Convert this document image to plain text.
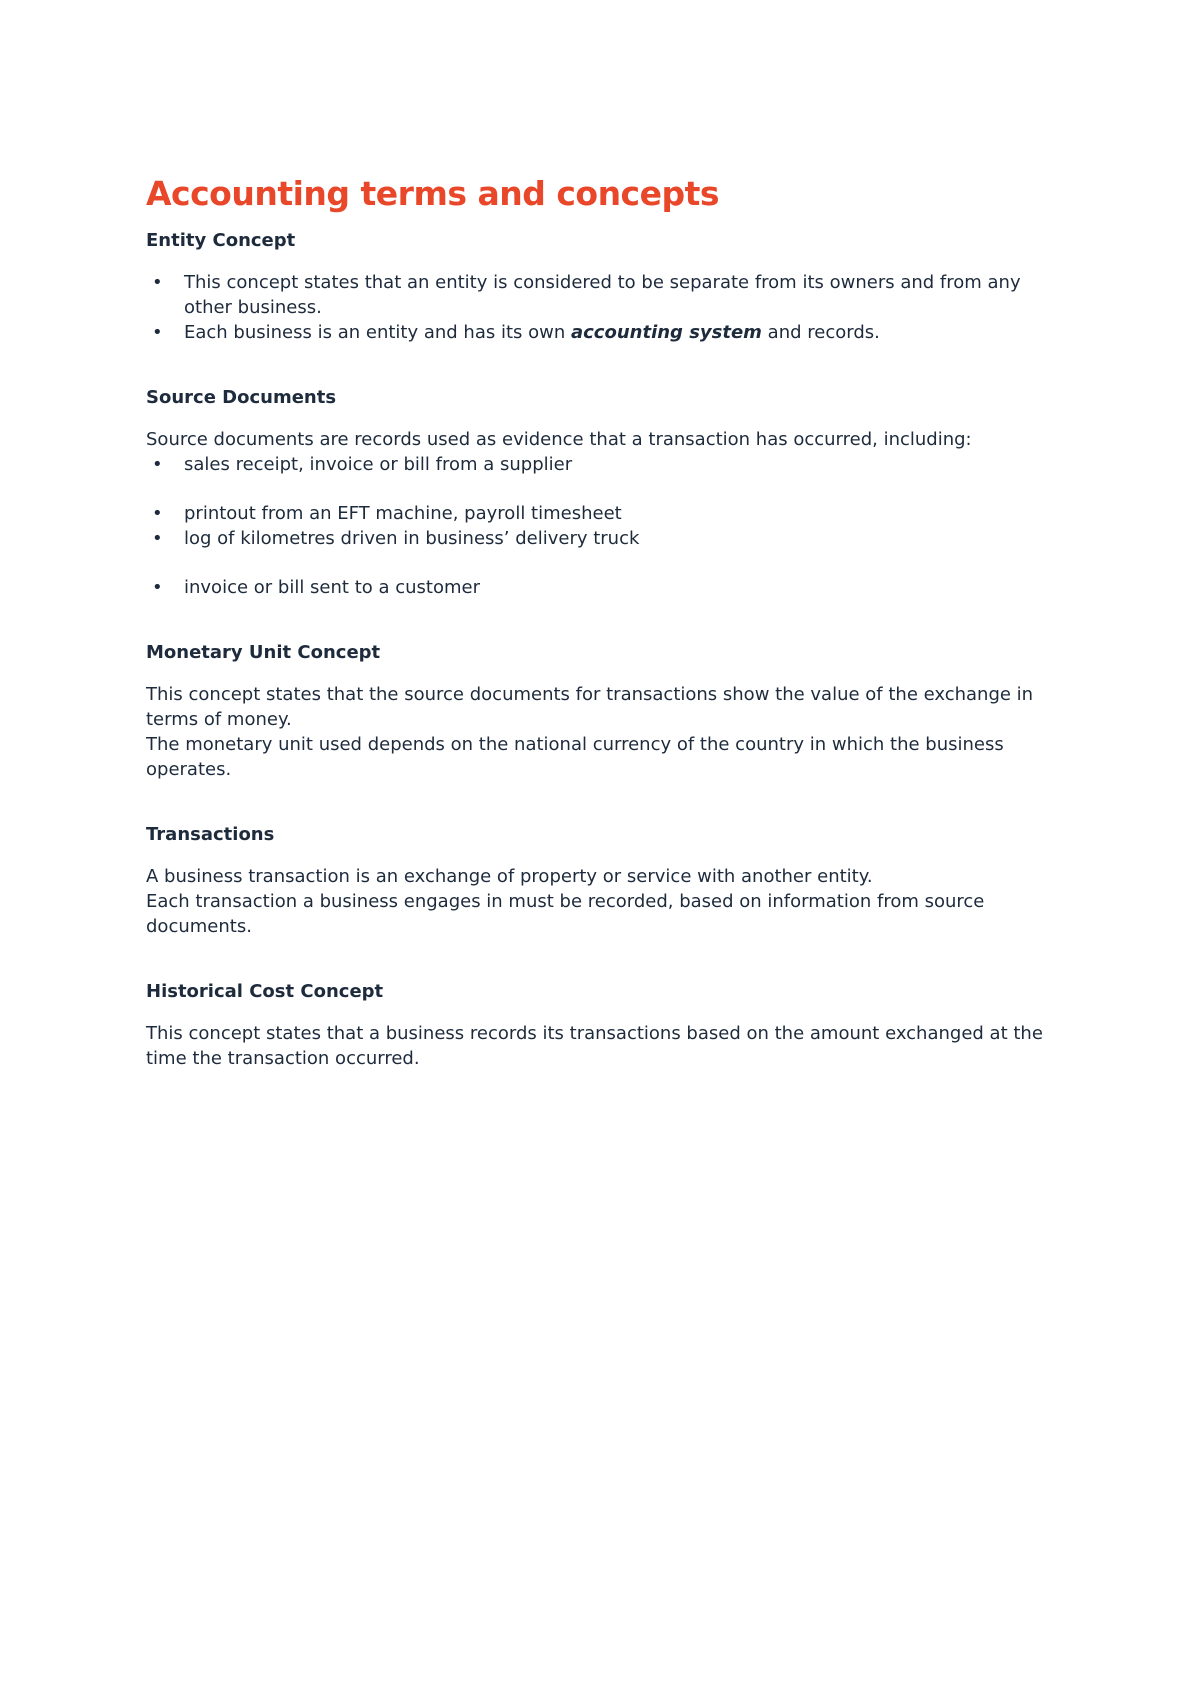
Accounting terms and concepts

Entity Concept

• This concept states that an entity is considered to be separate from its owners and from any other business.
• Each business is an entity and has its own accounting system and records.

Source Documents

Source documents are records used as evidence that a transaction has occurred, including:

• sales receipt, invoice or bill from a supplier
• printout from an EFT machine, payroll timesheet
• log of kilometres driven in business’ delivery truck
• invoice or bill sent to a customer

Monetary Unit Concept

This concept states that the source documents for transactions show the value of the exchange in terms of money.

The monetary unit used depends on the national currency of the country in which the business operates.

Transactions

A business transaction is an exchange of property or service with another entity.

Each transaction a business engages in must be recorded, based on information from source documents.

Historical Cost Concept

This concept states that a business records its transactions based on the amount exchanged at the time the transaction occurred.
